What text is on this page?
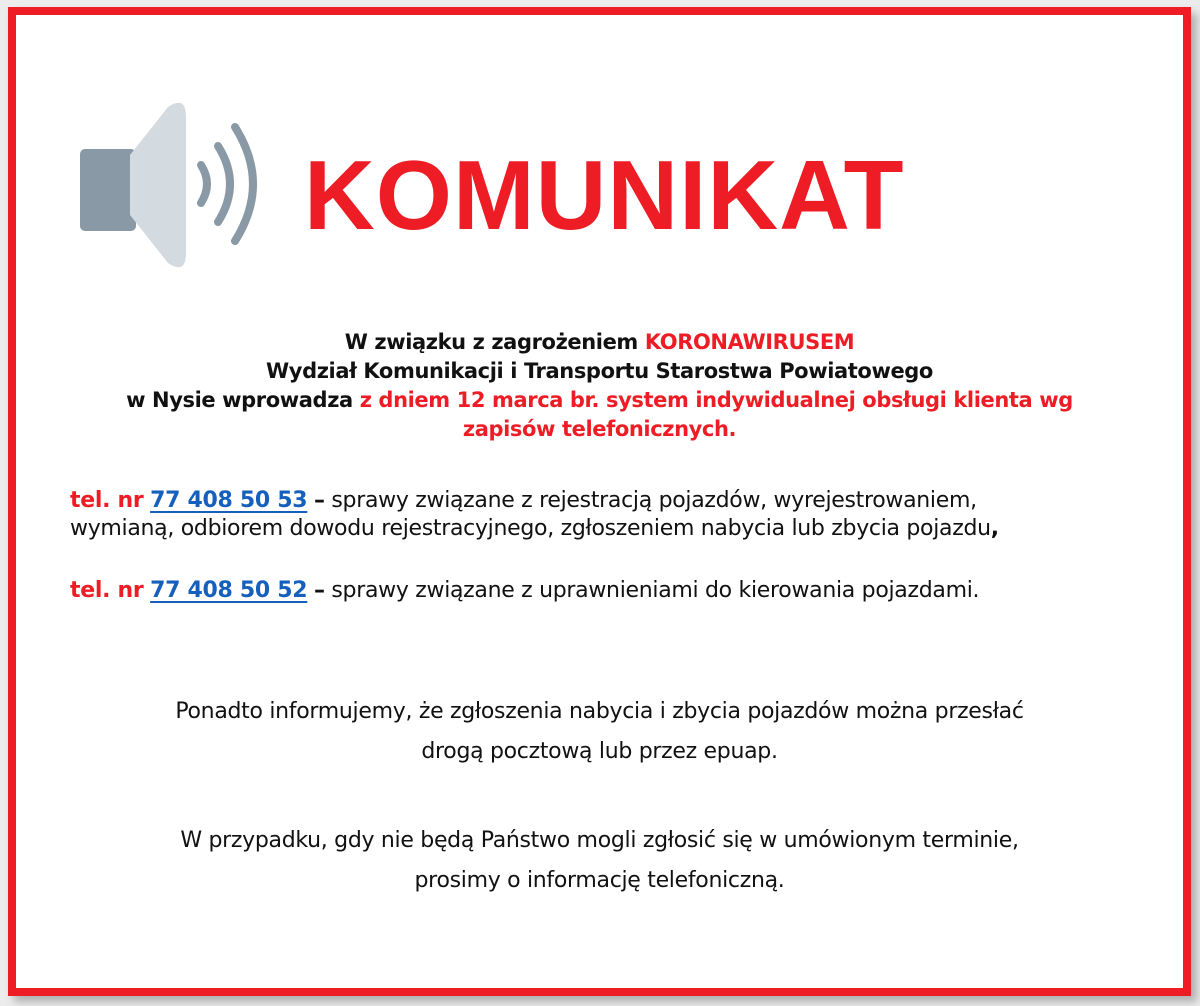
KOMUNIKAT

W związku z zagrożeniem KORONAWIRUSEM
Wydział Komunikacji i Transportu Starostwa Powiatowego
w Nysie wprowadza z dniem 12 marca br. system indywidualnej obsługi klienta wg
zapisów telefonicznych.

tel. nr 77 408 50 53 – sprawy związane z rejestracją pojazdów, wyrejestrowaniem,
wymianą, odbiorem dowodu rejestracyjnego, zgłoszeniem nabycia lub zbycia pojazdu,
tel. nr 77 408 50 52 – sprawy związane z uprawnieniami do kierowania pojazdami.

Ponadto informujemy, że zgłoszenia nabycia i zbycia pojazdów można przesłać
drogą pocztową lub przez epuap.

W przypadku, gdy nie będą Państwo mogli zgłosić się w umówionym terminie,
prosimy o informację telefoniczną.
